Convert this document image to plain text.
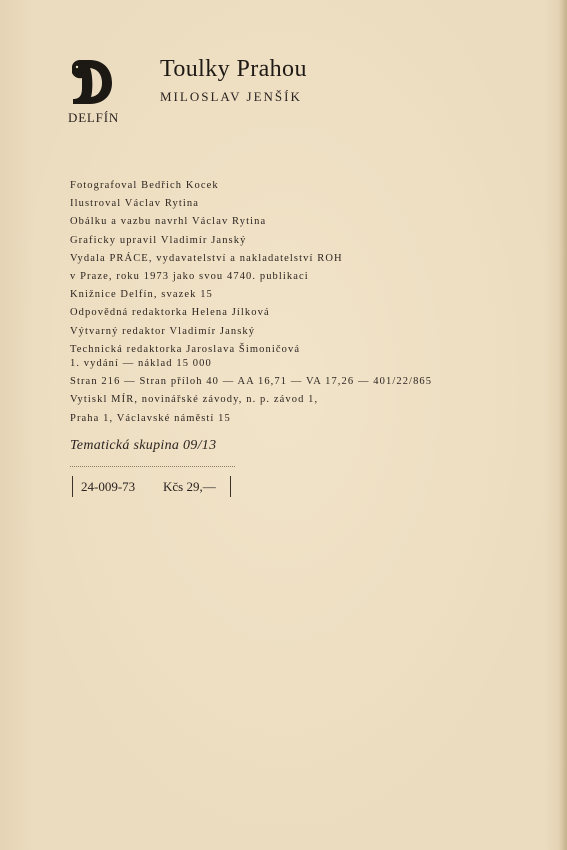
DELFÍN
Toulky Prahou
MILOSLAV JENŠÍK
Fotografoval Bedřich Kocek
Ilustroval Václav Rytina
Obálku a vazbu navrhl Václav Rytina
Graficky upravil Vladimír Janský
Vydala PRÁCE, vydavatelství a nakladatelství ROH
v Praze, roku 1973 jako svou 4740. publikaci
Knižnice Delfín, svazek 15
Odpovědná redaktorka Helena Jílková
Výtvarný redaktor Vladimír Janský
Technická redaktorka Jaroslava Šimoničová
1. vydání — náklad 15 000
Stran 216 — Stran příloh 40 — AA 16,71 — VA 17,26 — 401/22/865
Vytiskl MÍR, novinářské závody, n. p. závod 1,
Praha 1, Václavské náměstí 15
Tematická skupina 09/13
24-009-73 Kčs 29,—
